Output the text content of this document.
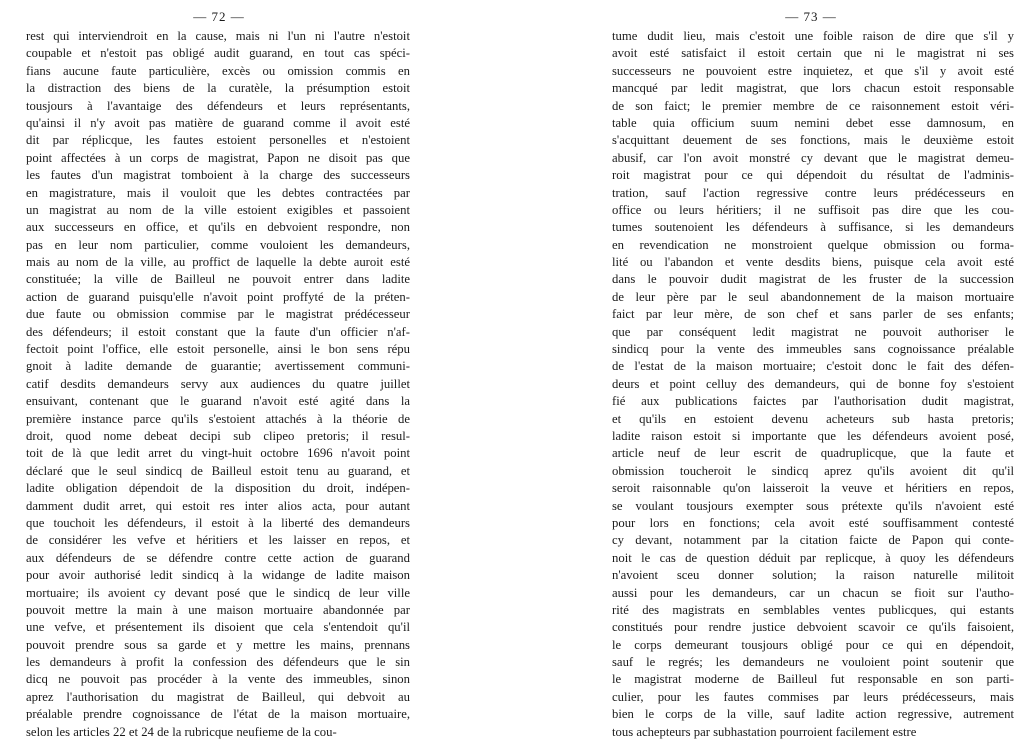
— 72 —
rest qui interviendroit en la cause, mais ni l'un ni l'autre n'estoit
coupable et n'estoit pas obligé audit guarand, en tout cas spéci-
fians aucune faute particulière, excès ou omission commis en
la distraction des biens de la curatèle, la présumption estoit
tousjours à l'avantaige des défendeurs et leurs représentants,
qu'ainsi il n'y avoit pas matière de guarand comme il avoit esté
dit par réplicque, les fautes estoient personelles et n'estoient
point affectées à un corps de magistrat, Papon ne disoit pas que
les fautes d'un magistrat tomboient à la charge des successeurs
en magistrature, mais il vouloit que les debtes contractées par
un magistrat au nom de la ville estoient exigibles et passoient
aux successeurs en office, et qu'ils en debvoient respondre, non
pas en leur nom particulier, comme vouloient les demandeurs,
mais au nom de la ville, au proffict de laquelle la debte auroit esté
constituée; la ville de Bailleul ne pouvoit entrer dans ladite
action de guarand puisqu'elle n'avoit point proffyté de la préten-
due faute ou obmission commise par le magistrat prédécesseur
des défendeurs; il estoit constant que la faute d'un officier n'af-
fectoit point l'office, elle estoit personelle, ainsi le bon sens répu
gnoit à ladite demande de guarantie; avertissement communi-
catif desdits demandeurs servy aux audiences du quatre juillet
ensuivant, contenant que le guarand n'avoit esté agité dans la
première instance parce qu'ils s'estoient attachés à la théorie de
droit, quod nome debeat decipi sub clipeo pretoris; il resul-
toit de là que ledit arret du vingt-huit octobre 1696 n'avoit point
déclaré que le seul sindicq de Bailleul estoit tenu au guarand, et
ladite obligation dépendoit de la disposition du droit, indépen-
damment dudit arret, qui estoit res inter alios acta, pour autant
que touchoit les défendeurs, il estoit à la liberté des demandeurs
de considérer les vefve et héritiers et les laisser en repos, et
aux défendeurs de se défendre contre cette action de guarand
pour avoir authorisé ledit sindicq à la widange de ladite maison
mortuaire; ils avoient cy devant posé que le sindicq de leur ville
pouvoit mettre la main à une maison mortuaire abandonnée par
une vefve, et présentement ils disoient que cela s'entendoit qu'il
pouvoit prendre sous sa garde et y mettre les mains, prennans
les demandeurs à profit la confession des défendeurs que le sin
dicq ne pouvoit pas procéder à la vente des immeubles, sinon
aprez l'authorisation du magistrat de Bailleul, qui debvoit au
préalable prendre cognoissance de l'état de la maison mortuaire,
selon les articles 22 et 24 de la rubricque neufieme de la cou-
— 73 —
tume dudit lieu, mais c'estoit une foible raison de dire que s'il y
avoit esté satisfaict il estoit certain que ni le magistrat ni ses
successeurs ne pouvoient estre inquietez, et que s'il y avoit esté
mancqué par ledit magistrat, que lors chacun estoit responsable
de son faict; le premier membre de ce raisonnement estoit véri-
table quia officium suum nemini debet esse damnosum, en
s'acquittant deuement de ses fonctions, mais le deuxième estoit
abusif, car l'on avoit monstré cy devant que le magistrat demeu-
roit magistrat pour ce qui dépendoit du résultat de l'adminis-
tration, sauf l'action regressive contre leurs prédécesseurs en
office ou leurs héritiers; il ne suffisoit pas dire que les cou-
tumes soutenoient les défendeurs à suffisance, si les demandeurs
en revendication ne monstroient quelque obmission ou forma-
lité ou l'abandon et vente desdits biens, puisque cela avoit esté
dans le pouvoir dudit magistrat de les fruster de la succession
de leur père par le seul abandonnement de la maison mortuaire
faict par leur mère, de son chef et sans parler de ses enfants;
que par conséquent ledit magistrat ne pouvoit authoriser le
sindicq pour la vente des immeubles sans cognoissance préalable
de l'estat de la maison mortuaire; c'estoit donc le fait des défen-
deurs et point celluy des demandeurs, qui de bonne foy s'estoient
fié aux publications faictes par l'authorisation dudit magistrat,
et qu'ils en estoient devenu acheteurs sub hasta pretoris;
ladite raison estoit si importante que les défendeurs avoient posé,
article neuf de leur escrit de quadruplicque, que la faute et
obmission toucheroit le sindicq aprez qu'ils avoient dit qu'il
seroit raisonnable qu'on laisseroit la veuve et héritiers en repos,
se voulant tousjours exempter sous prétexte qu'ils n'avoient esté
pour lors en fonctions; cela avoit esté souffisamment contesté
cy devant, notamment par la citation faicte de Papon qui conte-
noit le cas de question déduit par replicque, à quoy les défendeurs
n'avoient sceu donner solution; la raison naturelle militoit
aussi pour les demandeurs, car un chacun se fioit sur l'autho-
rité des magistrats en semblables ventes publicques, qui estants
constitués pour rendre justice debvoient scavoir ce qu'ils faisoient,
le corps demeurant tousjours obligé pour ce qui en dépendoit,
sauf le regrés; les demandeurs ne vouloient point soutenir que
le magistrat moderne de Bailleul fut responsable en son parti-
culier, pour les fautes commises par leurs prédécesseurs, mais
bien le corps de la ville, sauf ladite action regressive, autrement
tous achepteurs par subhastation pourroient facilement estre
